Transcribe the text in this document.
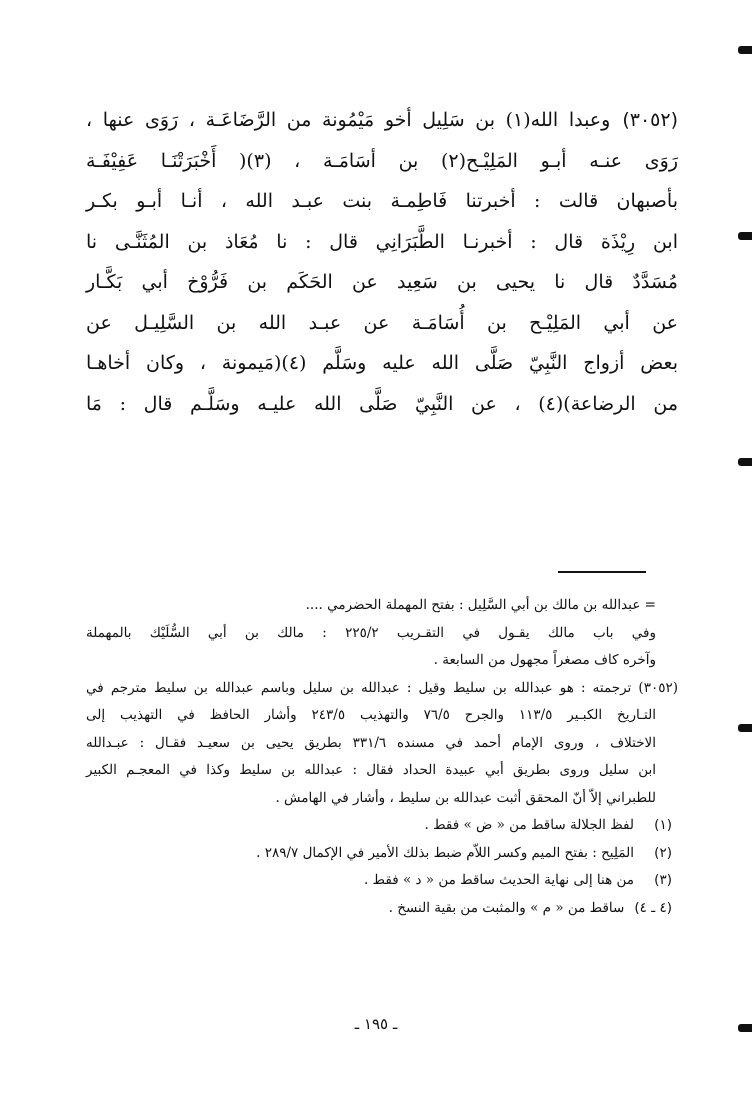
(٣٠٥٢)وعبدا الله(١) بن سَلِيل أخو مَيْمُونة من الرَّضَاعَـة ، رَوَى عنها ،
رَوَى عنـه أبـو المَلِيْـح(٢) بن أسَامَـة ، (٣)( أَخْبَرَتْنَـا عَفِيْفَـة
بأصبهان قالت : أخبرتنا فَاطِمـة بنت عبـد الله ، أنـا أبـو بكـر
ابن رِيْذَة قال : أخبرنـا الطَّبَرَانِي قال : نا مُعَاذ بن المُثَنَّـى نا
مُسَدَّدٌ قال نا يحيى بن سَعِيد عن الحَكَم بن فَرُّوْخ أبي بَكَّـار
عن أبي المَلِيْـح بن أُسَامَـة عن عبـد الله بن السَّلِيـل عن
بعض أزواج النَّبِيّ صَلَّى الله عليه وسَلَّم (٤)(مَيمونة ، وكان أخاهـا
من الرضاعة)(٤) ، عن النَّبِيّ صَلَّى الله عليـه وسَلَّـم قال : مَا
= عبدالله بن مالك بن أبي السَّلِيل : بفتح المهملة الحضرمي ....
وفي باب مالك يقـول في التقـريب ٢٢٥/٢ : مالك بن أبي السُّلَيْك بالمهملة
وآخره كاف مصغراً مجهول من السابعة .
(٣٠٥٢) ترجمته : هو عبدالله بن سليط وقيل : عبدالله بن سليل وباسم عبدالله بن سليط مترجم في
التـاريخ الكبـير ١١٣/٥ والجرح ٧٦/٥ والتهذيب ٢٤٣/٥ وأشار الحافظ في التهذيب إلى
الاختلاف ، وروى الإمام أحمد في مسنده ٣٣١/٦ بطريق يحيى بن سعيـد فقـال : عبـدالله
ابن سليل وروى بطريق أبي عبيدة الحداد فقال : عبدالله بن سليط وكذا في المعجـم الكبير
للطبراني إلاّ أنّ المحقق أثبت عبدالله بن سليط ، وأشار في الهامش .
(١)
لفظ الجلالة ساقط من « ض » فقط .
(٢)
المَلِيح : بفتح الميم وكسر اللاّم ضبط بذلك الأمير في الإكمال ٢٨٩/٧ .
(٣)
من هنا إلى نهاية الحديث ساقط من « د » فقط .
(٤ ـ ٤)
ساقط من « م » والمثبت من بقية النسخ .
ـ ١٩٥ ـ
